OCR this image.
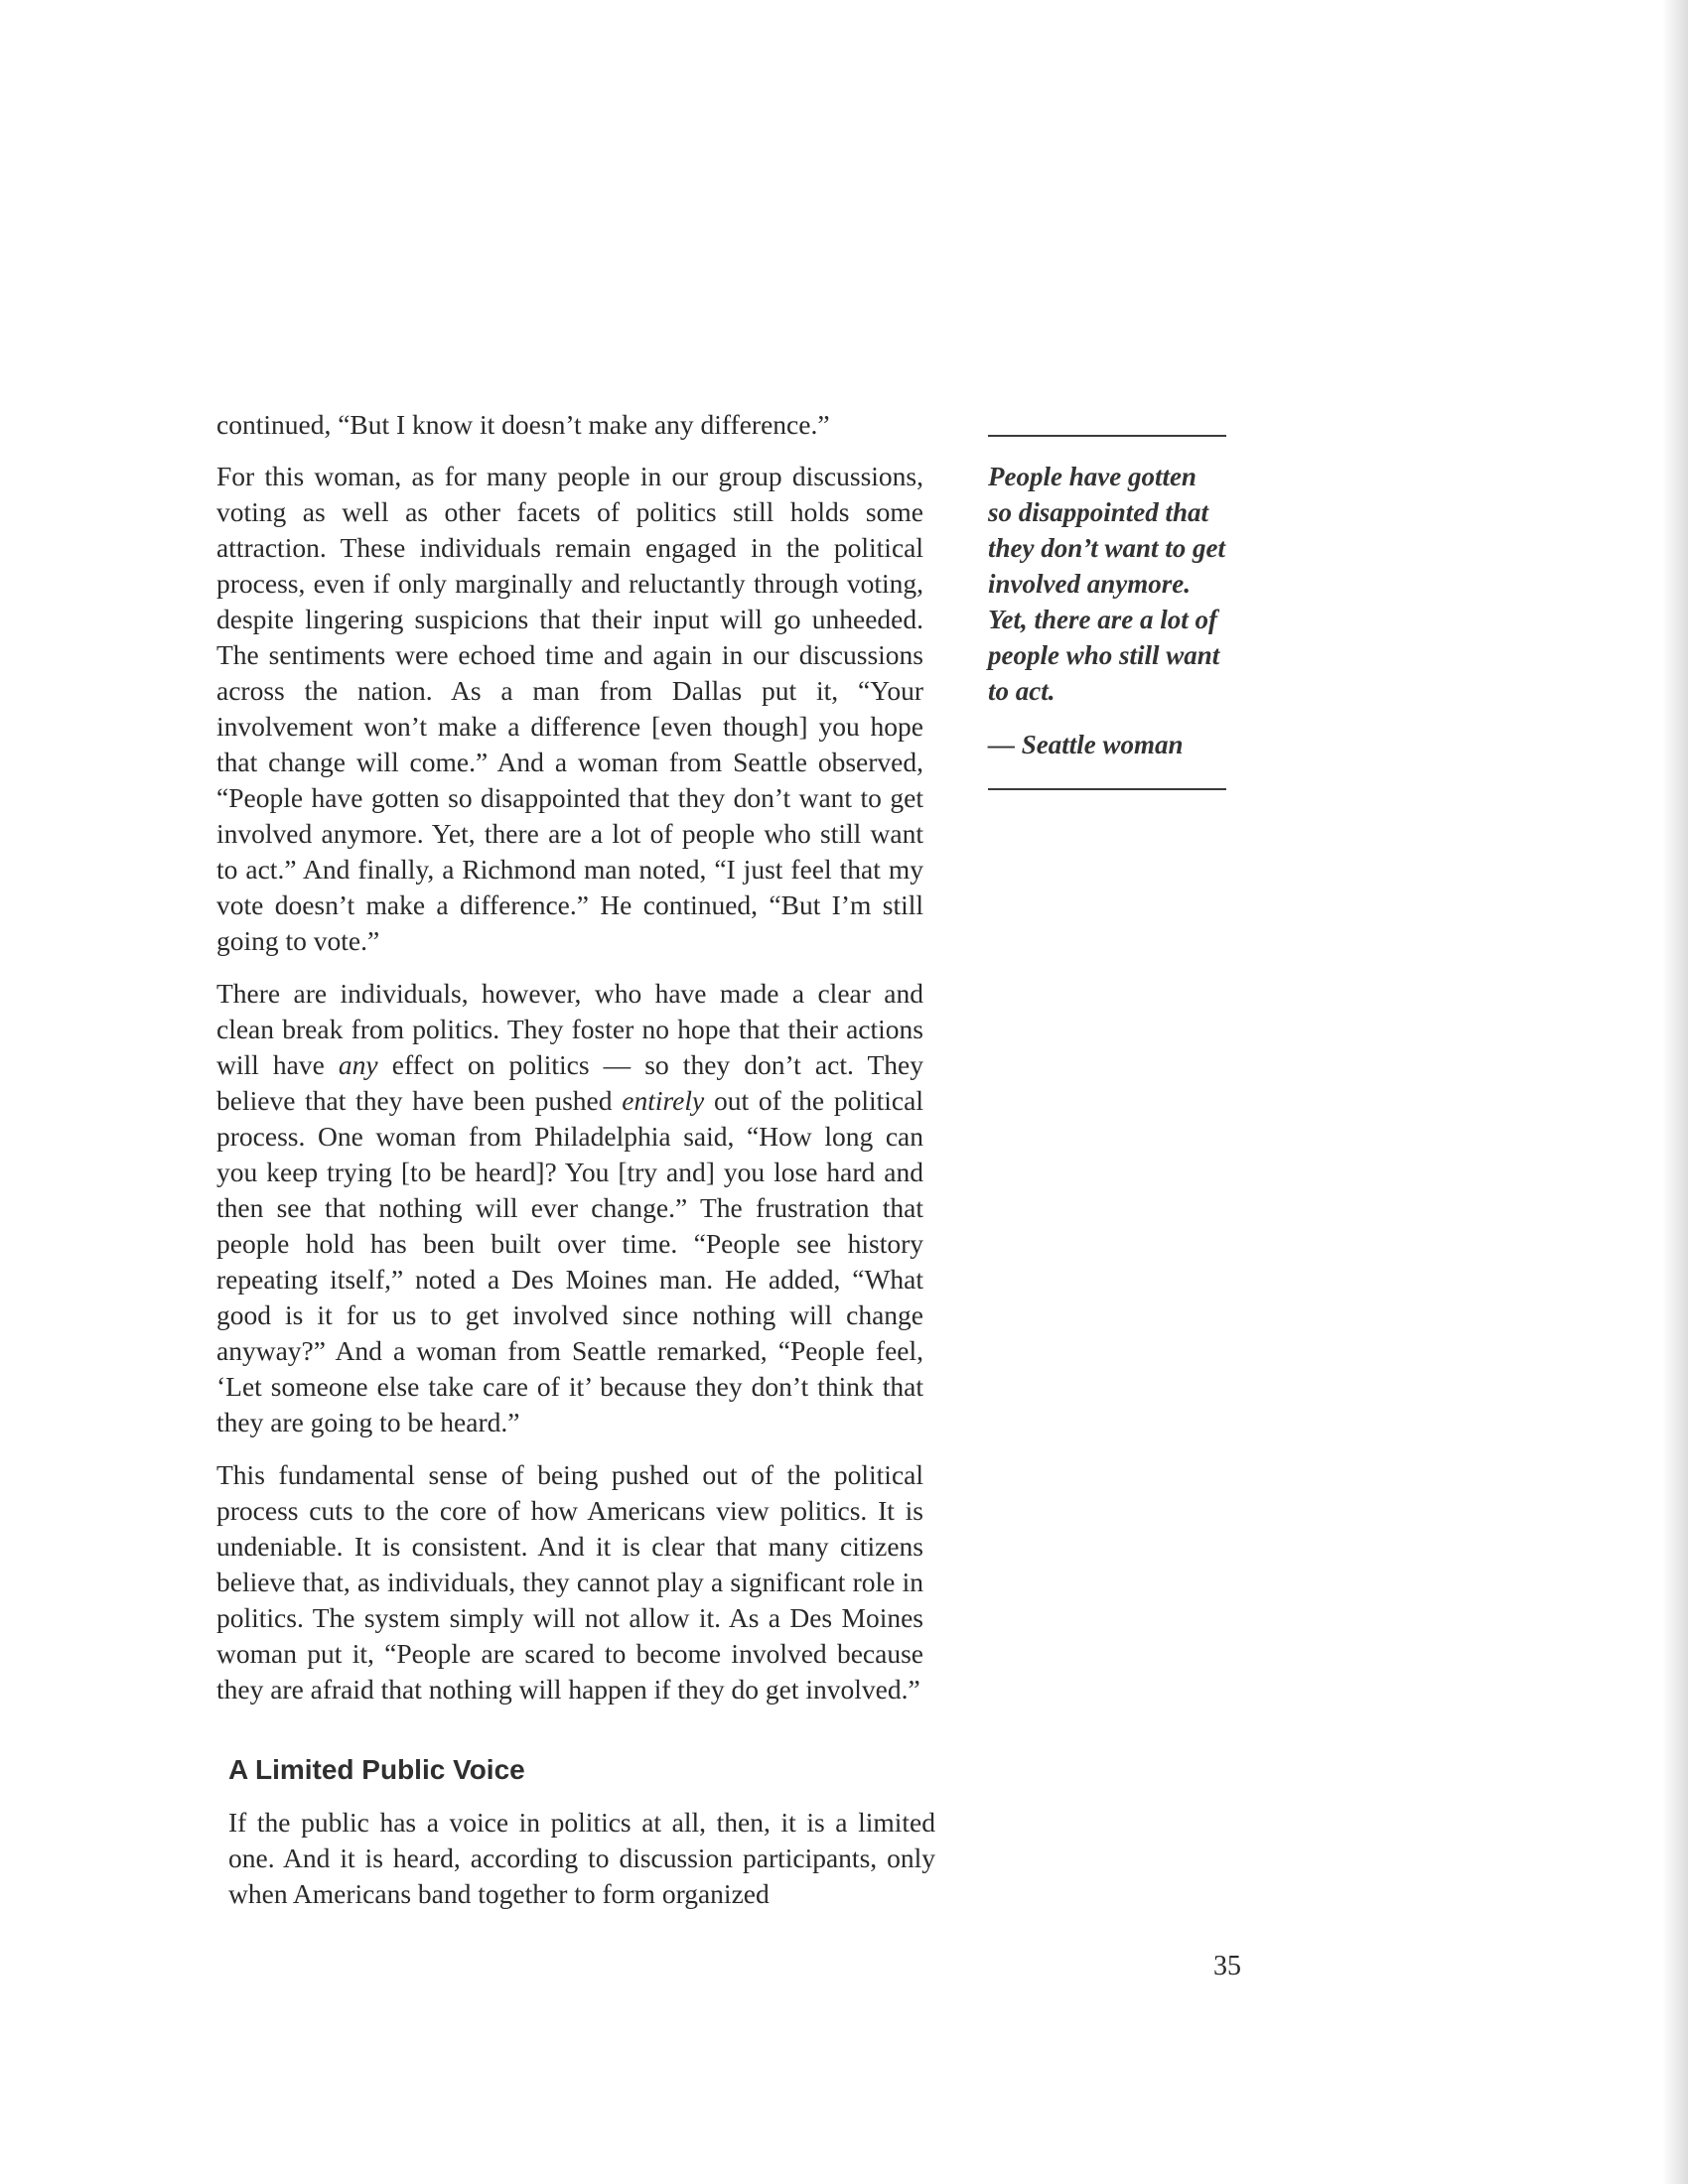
continued, “But I know it doesn’t make any difference.”

For this woman, as for many people in our group discussions, voting as well as other facets of politics still holds some attraction. These individuals remain engaged in the political process, even if only marginally and reluctantly through voting, despite lingering suspicions that their input will go unheeded. The sentiments were echoed time and again in our discussions across the nation. As a man from Dallas put it, “Your involvement won’t make a difference [even though] you hope that change will come.” And a woman from Seattle observed, “People have gotten so disappointed that they don’t want to get involved anymore. Yet, there are a lot of people who still want to act.” And finally, a Richmond man noted, “I just feel that my vote doesn’t make a difference.” He continued, “But I’m still going to vote.”

There are individuals, however, who have made a clear and clean break from politics. They foster no hope that their actions will have any effect on politics — so they don’t act. They believe that they have been pushed entirely out of the political process. One woman from Philadelphia said, “How long can you keep trying [to be heard]? You [try and] you lose hard and then see that nothing will ever change.” The frustration that people hold has been built over time. “People see history repeating itself,” noted a Des Moines man. He added, “What good is it for us to get involved since nothing will change anyway?” And a woman from Seattle remarked, “People feel, ‘Let someone else take care of it’ because they don’t think that they are going to be heard.”

This fundamental sense of being pushed out of the political process cuts to the core of how Americans view politics. It is undeniable. It is consistent. And it is clear that many citizens believe that, as individuals, they cannot play a significant role in politics. The system simply will not allow it. As a Des Moines woman put it, “People are scared to become involved because they are afraid that nothing will happen if they do get involved.”

A Limited Public Voice

If the public has a voice in politics at all, then, it is a limited one. And it is heard, according to discussion participants, only when Americans band together to form organized

People have gotten so disappointed that they don’t want to get involved anymore. Yet, there are a lot of people who still want to act.
— Seattle woman
35
